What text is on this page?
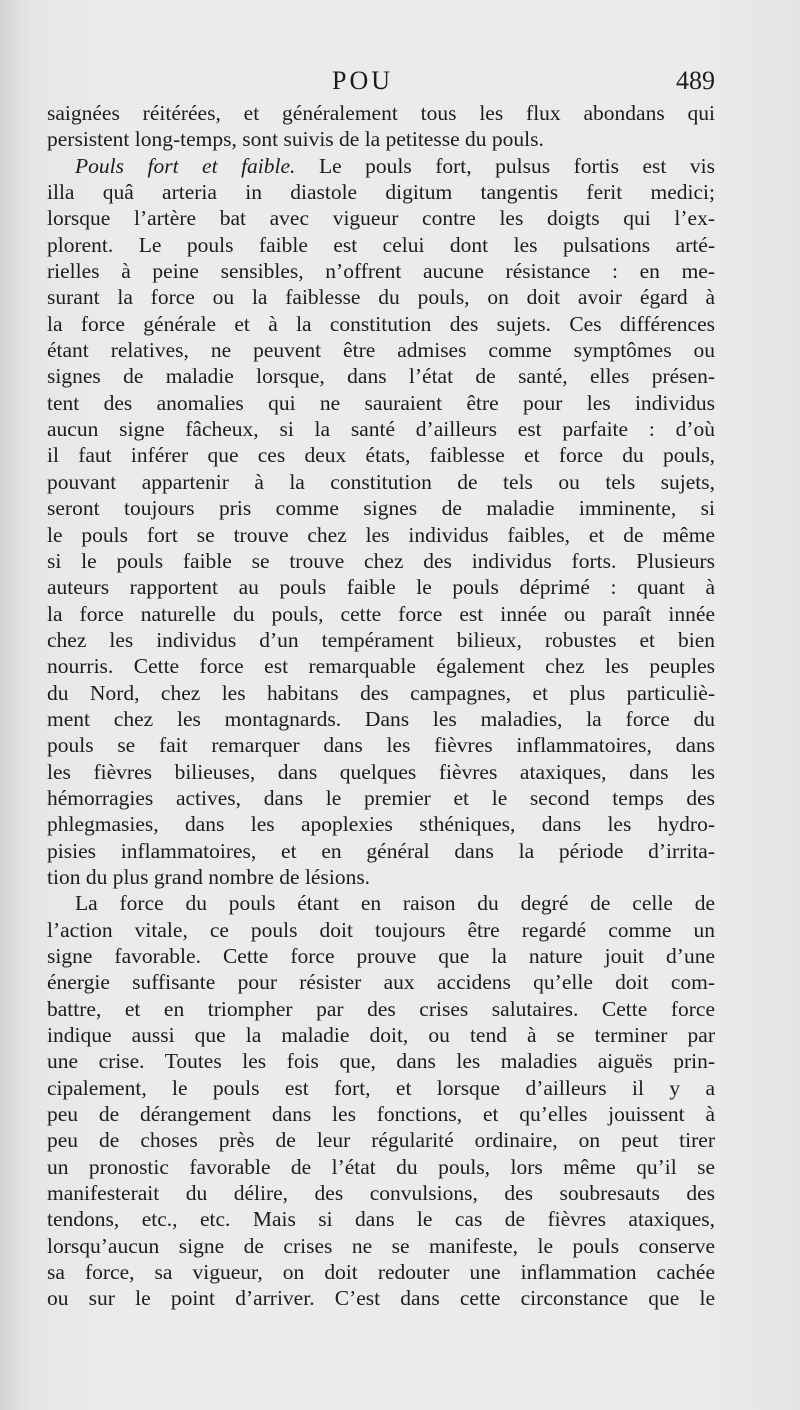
POU	489
saignées réitérées, et généralement tous les flux abondans qui
persistent long-temps, sont suivis de la petitesse du pouls.
Pouls fort et faible. Le pouls fort, pulsus fortis est vis
illa quâ arteria in diastole digitum tangentis ferit medici;
lorsque l’artère bat avec vigueur contre les doigts qui l’ex-
plorent. Le pouls faible est celui dont les pulsations arté-
rielles à peine sensibles, n’offrent aucune résistance : en me-
surant la force ou la faiblesse du pouls, on doit avoir égard à
la force générale et à la constitution des sujets. Ces différences
étant relatives, ne peuvent être admises comme symptômes ou
signes de maladie lorsque, dans l’état de santé, elles présen-
tent des anomalies qui ne sauraient être pour les individus
aucun signe fâcheux, si la santé d’ailleurs est parfaite : d’où
il faut inférer que ces deux états, faiblesse et force du pouls,
pouvant appartenir à la constitution de tels ou tels sujets,
seront toujours pris comme signes de maladie imminente, si
le pouls fort se trouve chez les individus faibles, et de même
si le pouls faible se trouve chez des individus forts. Plusieurs
auteurs rapportent au pouls faible le pouls déprimé : quant à
la force naturelle du pouls, cette force est innée ou paraît innée
chez les individus d’un tempérament bilieux, robustes et bien
nourris. Cette force est remarquable également chez les peuples
du Nord, chez les habitans des campagnes, et plus particuliè-
ment chez les montagnards. Dans les maladies, la force du
pouls se fait remarquer dans les fièvres inflammatoires, dans
les fièvres bilieuses, dans quelques fièvres ataxiques, dans les
hémorragies actives, dans le premier et le second temps des
phlegmasies, dans les apoplexies sthéniques, dans les hydro-
pisies inflammatoires, et en général dans la période d’irrita-
tion du plus grand nombre de lésions.
La force du pouls étant en raison du degré de celle de
l’action vitale, ce pouls doit toujours être regardé comme un
signe favorable. Cette force prouve que la nature jouit d’une
énergie suffisante pour résister aux accidens qu’elle doit com-
battre, et en triompher par des crises salutaires. Cette force
indique aussi que la maladie doit, ou tend à se terminer par
une crise. Toutes les fois que, dans les maladies aiguës prin-
cipalement, le pouls est fort, et lorsque d’ailleurs il y a
peu de dérangement dans les fonctions, et qu’elles jouissent à
peu de choses près de leur régularité ordinaire, on peut tirer
un pronostic favorable de l’état du pouls, lors même qu’il se
manifesterait du délire, des convulsions, des soubresauts des
tendons, etc., etc. Mais si dans le cas de fièvres ataxiques,
lorsqu’aucun signe de crises ne se manifeste, le pouls conserve
sa force, sa vigueur, on doit redouter une inflammation cachée
ou sur le point d’arriver. C’est dans cette circonstance que le
